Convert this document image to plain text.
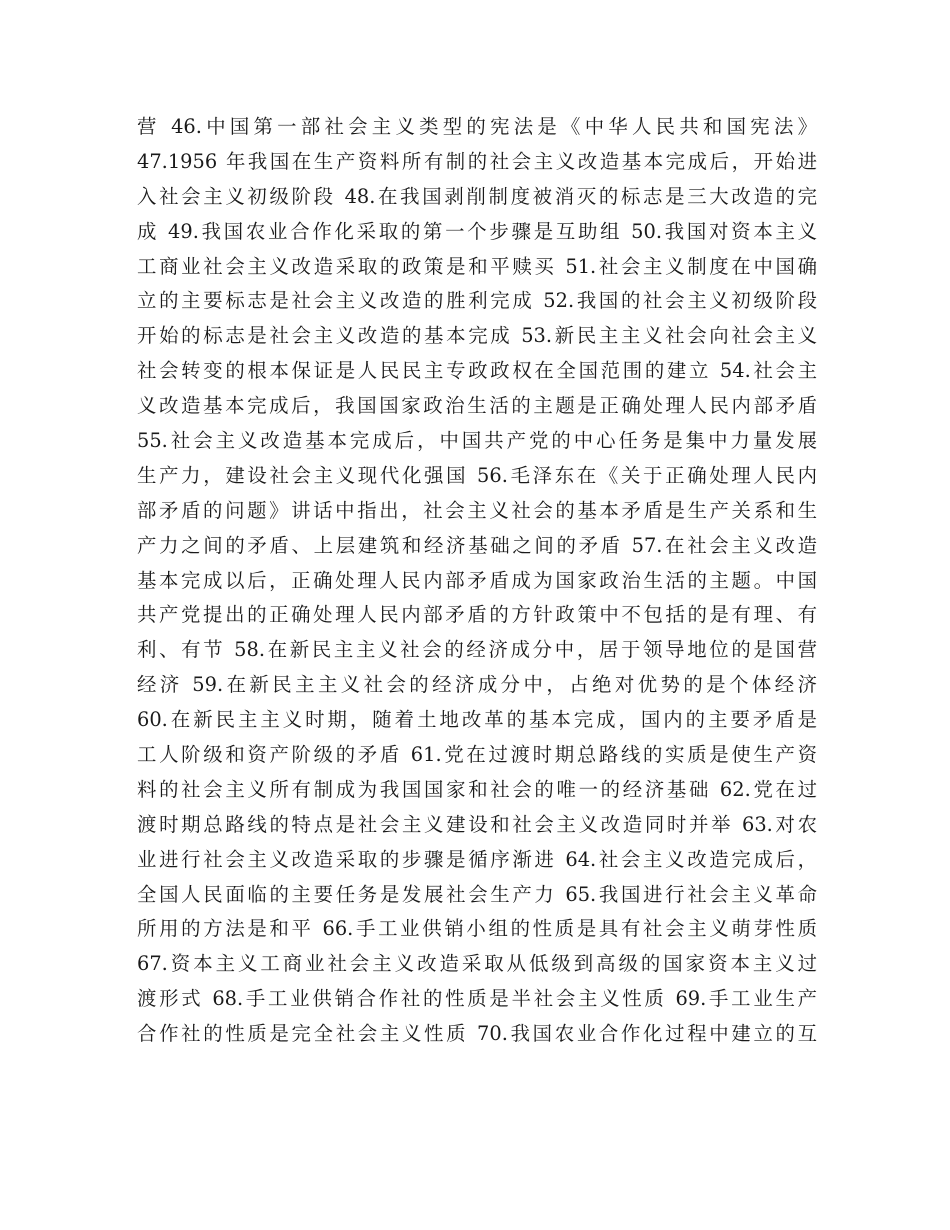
营 46.中国第一部社会主义类型的宪法是《中华人民共和国宪法》
47.1956 年我国在生产资料所有制的社会主义改造基本完成后，开始进
入社会主义初级阶段 48.在我国剥削制度被消灭的标志是三大改造的完
成 49.我国农业合作化采取的第一个步骤是互助组 50.我国对资本主义
工商业社会主义改造采取的政策是和平赎买 51.社会主义制度在中国确
立的主要标志是社会主义改造的胜利完成 52.我国的社会主义初级阶段
开始的标志是社会主义改造的基本完成 53.新民主主义社会向社会主义
社会转变的根本保证是人民民主专政政权在全国范围的建立 54.社会主
义改造基本完成后，我国国家政治生活的主题是正确处理人民内部矛盾
55.社会主义改造基本完成后，中国共产党的中心任务是集中力量发展
生产力，建设社会主义现代化强国 56.毛泽东在《关于正确处理人民内
部矛盾的问题》讲话中指出，社会主义社会的基本矛盾是生产关系和生
产力之间的矛盾、上层建筑和经济基础之间的矛盾 57.在社会主义改造
基本完成以后，正确处理人民内部矛盾成为国家政治生活的主题。中国
共产党提出的正确处理人民内部矛盾的方针政策中不包括的是有理、有
利、有节 58.在新民主主义社会的经济成分中，居于领导地位的是国营
经济 59.在新民主主义社会的经济成分中，占绝对优势的是个体经济
60.在新民主主义时期，随着土地改革的基本完成，国内的主要矛盾是
工人阶级和资产阶级的矛盾 61.党在过渡时期总路线的实质是使生产资
料的社会主义所有制成为我国国家和社会的唯一的经济基础 62.党在过
渡时期总路线的特点是社会主义建设和社会主义改造同时并举 63.对农
业进行社会主义改造采取的步骤是循序渐进 64.社会主义改造完成后，
全国人民面临的主要任务是发展社会生产力 65.我国进行社会主义革命
所用的方法是和平 66.手工业供销小组的性质是具有社会主义萌芽性质
67.资本主义工商业社会主义改造采取从低级到高级的国家资本主义过
渡形式 68.手工业供销合作社的性质是半社会主义性质 69.手工业生产
合作社的性质是完全社会主义性质 70.我国农业合作化过程中建立的互
